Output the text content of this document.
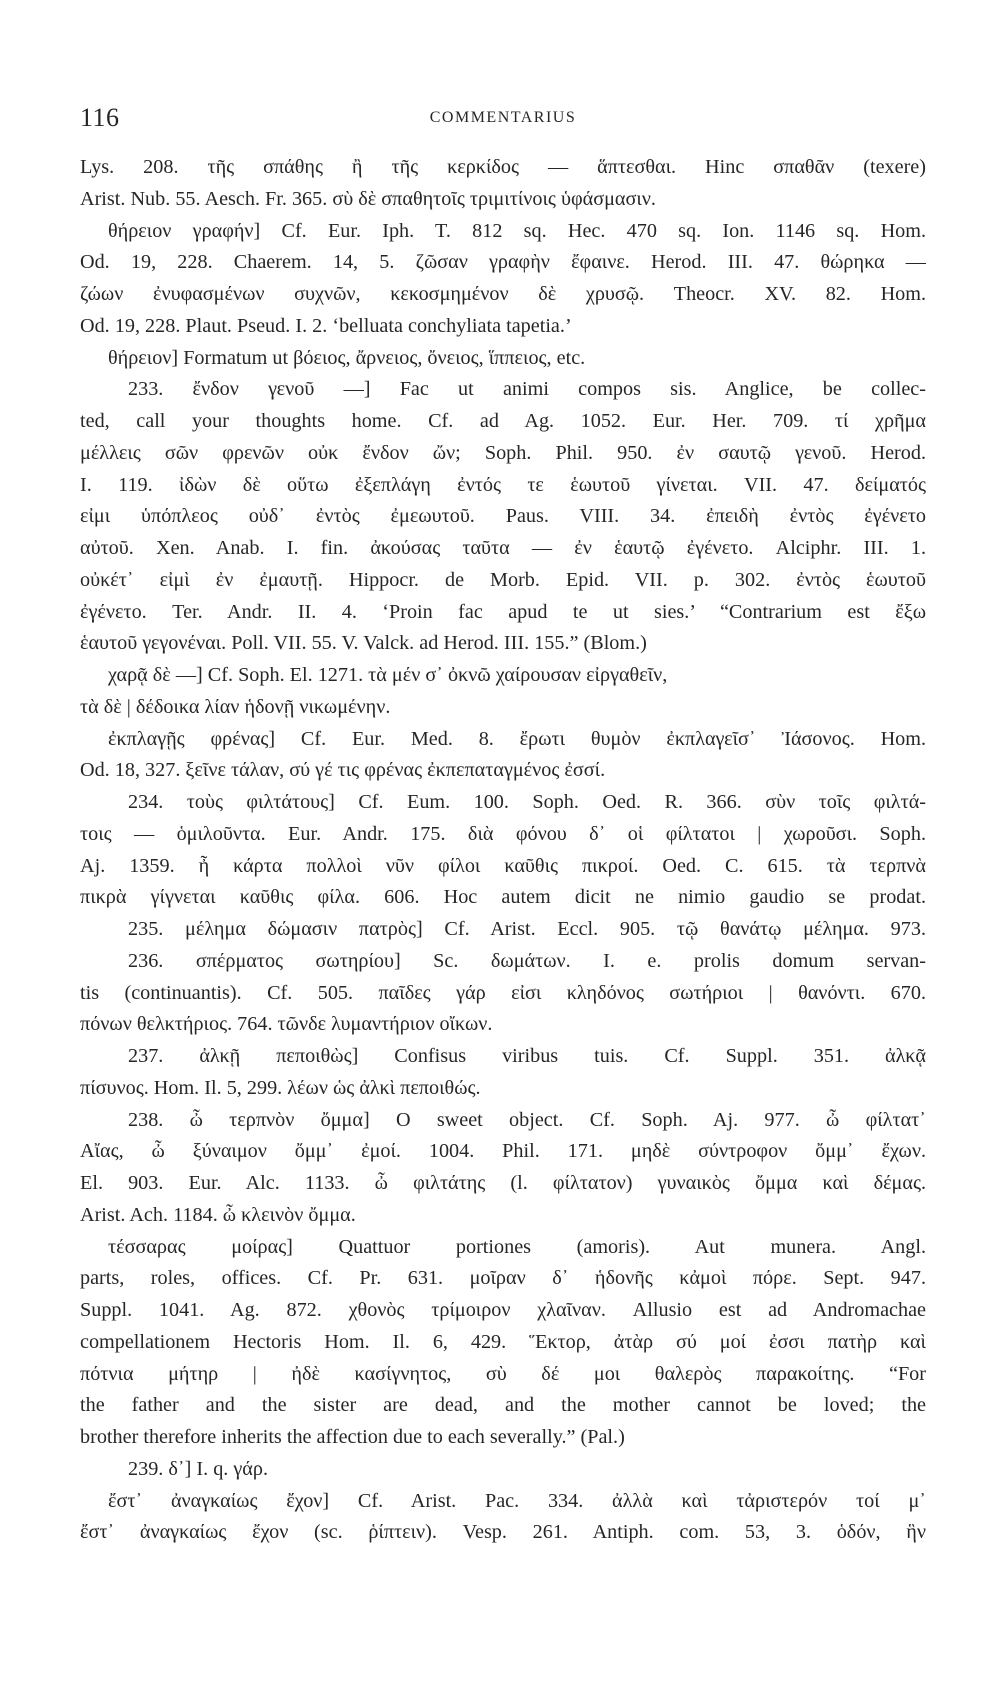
116	COMMENTARIUS
Lys. 208. τῆς σπάθης ἢ τῆς κερκίδος — ἅπτεσθαι. Hinc σπαθᾶν (texere)
Arist. Nub. 55. Aesch. Fr. 365. σὺ δὲ σπαθητοῖς τριμιτίνοις ὑφάσμασιν.
θήρειον γραφήν] Cf. Eur. Iph. T. 812 sq. Hec. 470 sq. Ion. 1146 sq. Hom.
Od. 19, 228. Chaerem. 14, 5. ζῶσαν γραφὴν ἔφαινε. Herod. III. 47. θώρηκα —
ζώων ἐνυφασμένων συχνῶν, κεκοσμημένον δὲ χρυσῷ. Theocr. XV. 82. Hom.
Od. 19, 228. Plaut. Pseud. I. 2. ‘belluata conchyliata tapetia.’
θήρειον] Formatum ut βόειος, ἄρνειος, ὄνειος, ἵππειος, etc.
233. ἔνδον γενοῦ —] Fac ut animi compos sis. Anglice, be collec-
ted, call your thoughts home. Cf. ad Ag. 1052. Eur. Her. 709. τί χρῆμα
μέλλεις σῶν φρενῶν οὐκ ἔνδον ὤν; Soph. Phil. 950. ἐν σαυτῷ γενοῦ. Herod.
I. 119. ἰδὼν δὲ οὕτω ἐξεπλάγη ἐντός τε ἑωυτοῦ γίνεται. VII. 47. δείματός
εἰμι ὑπόπλεος οὐδ᾽ ἐντὸς ἐμεωυτοῦ. Paus. VIII. 34. ἐπειδὴ ἐντὸς ἐγένετο
αὐτοῦ. Xen. Anab. I. fin. ἀκούσας ταῦτα — ἐν ἑαυτῷ ἐγένετο. Alciphr. III. 1.
οὐκέτ᾽ εἰμὶ ἐν ἐμαυτῇ. Hippocr. de Morb. Epid. VII. p. 302. ἐντὸς ἑωυτοῦ
ἐγένετο. Ter. Andr. II. 4. ‘Proin fac apud te ut sies.’ “Contrarium est ἔξω
ἑαυτοῦ γεγονέναι. Poll. VII. 55. V. Valck. ad Herod. III. 155.” (Blom.)
χαρᾷ δὲ —] Cf. Soph. El. 1271. τὰ μέν σ᾽ ὀκνῶ χαίρουσαν εἰργαθεῖν,
τὰ δὲ | δέδοικα λίαν ἡδονῇ νικωμένην.
ἐκπλαγῇς φρένας] Cf. Eur. Med. 8. ἔρωτι θυμὸν ἐκπλαγεῖσ᾽ Ἰάσονος. Hom.
Od. 18, 327. ξεῖνε τάλαν, σύ γέ τις φρένας ἐκπεπαταγμένος ἐσσί.
234. τοὺς φιλτάτους] Cf. Eum. 100. Soph. Oed. R. 366. σὺν τοῖς φιλτά-
τοις — ὁμιλοῦντα. Eur. Andr. 175. διὰ φόνου δ᾽ οἱ φίλτατοι | χωροῦσι. Soph.
Aj. 1359. ἦ κάρτα πολλοὶ νῦν φίλοι καῦθις πικροί. Oed. C. 615. τὰ τερπνὰ
πικρὰ γίγνεται καῦθις φίλα. 606. Hoc autem dicit ne nimio gaudio se prodat.
235. μέλημα δώμασιν πατρὸς] Cf. Arist. Eccl. 905. τῷ θανάτῳ μέλημα. 973.
236. σπέρματος σωτηρίου] Sc. δωμάτων. I. e. prolis domum servan-
tis (continuantis). Cf. 505. παῖδες γάρ εἰσι κληδόνος σωτήριοι | θανόντι. 670.
πόνων θελκτήριος. 764. τῶνδε λυμαντήριον οἴκων.
237. ἀλκῇ πεποιθὼς] Confisus viribus tuis. Cf. Suppl. 351. ἀλκᾷ
πίσυνος. Hom. Il. 5, 299. λέων ὡς ἀλκὶ πεποιθώς.
238. ὦ τερπνὸν ὄμμα] O sweet object. Cf. Soph. Aj. 977. ὦ φίλτατ᾽
Αἴας, ὦ ξύναιμον ὄμμ᾽ ἐμοί. 1004. Phil. 171. μηδὲ σύντροφον ὄμμ᾽ ἔχων.
El. 903. Eur. Alc. 1133. ὦ φιλτάτης (l. φίλτατον) γυναικὸς ὄμμα καὶ δέμας.
Arist. Ach. 1184. ὦ κλεινὸν ὄμμα.
τέσσαρας μοίρας] Quattuor portiones (amoris). Aut munera. Angl.
parts, roles, offices. Cf. Pr. 631. μοῖραν δ᾽ ἡδονῆς κἀμοὶ πόρε. Sept. 947.
Suppl. 1041. Ag. 872. χθονὸς τρίμοιρον χλαῖναν. Allusio est ad Andromachae
compellationem Hectoris Hom. Il. 6, 429. Ἕκτορ, ἀτὰρ σύ μοί ἐσσι πατὴρ καὶ
πότνια μήτηρ | ἠδὲ κασίγνητος, σὺ δέ μοι θαλερὸς παρακοίτης. “For
the father and the sister are dead, and the mother cannot be loved; the
brother therefore inherits the affection due to each severally.” (Pal.)
239. δ᾽] I. q. γάρ.
ἔστ᾽ ἀναγκαίως ἔχον] Cf. Arist. Pac. 334. ἀλλὰ καὶ τἀριστερόν τοί μ᾽
ἔστ᾽ ἀναγκαίως ἔχον (sc. ῥίπτειν). Vesp. 261. Antiph. com. 53, 3. ὁδόν, ἣν
